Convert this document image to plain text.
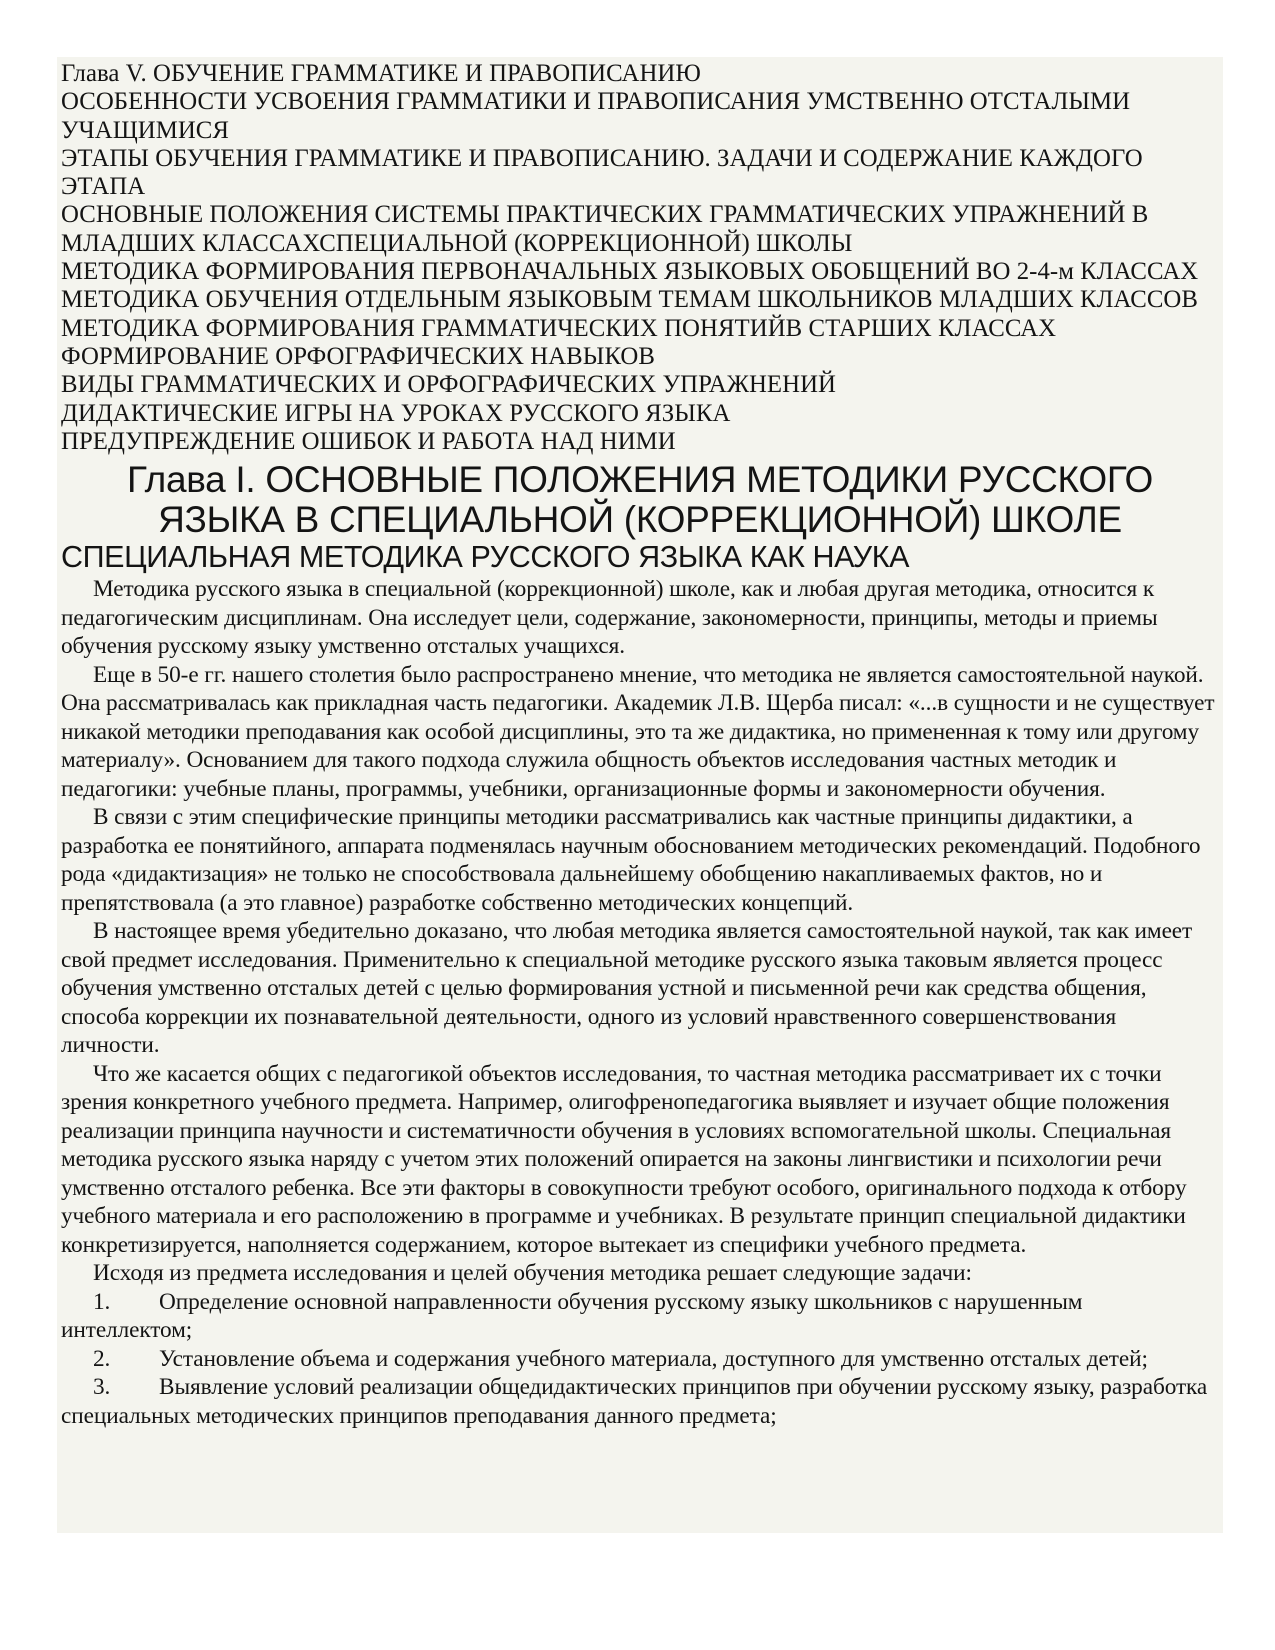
Глава V. ОБУЧЕНИЕ ГРАММАТИКЕ И ПРАВОПИСАНИЮ
ОСОБЕННОСТИ УСВОЕНИЯ ГРАММАТИКИ И ПРАВОПИСАНИЯ УМСТВЕННО ОТСТАЛЫМИ УЧАЩИМИСЯ
ЭТАПЫ ОБУЧЕНИЯ ГРАММАТИКЕ И ПРАВОПИСАНИЮ. ЗАДАЧИ И СОДЕРЖАНИЕ КАЖДОГО ЭТАПА
ОСНОВНЫЕ ПОЛОЖЕНИЯ СИСТЕМЫ ПРАКТИЧЕСКИХ ГРАММАТИЧЕСКИХ УПРАЖНЕНИЙ В МЛАДШИХ КЛАССАХСПЕЦИАЛЬНОЙ (КОРРЕКЦИОННОЙ) ШКОЛЫ
МЕТОДИКА ФОРМИРОВАНИЯ ПЕРВОНАЧАЛЬНЫХ ЯЗЫКОВЫХ ОБОБЩЕНИЙ ВО 2-4-м КЛАССАХ
МЕТОДИКА ОБУЧЕНИЯ ОТДЕЛЬНЫМ ЯЗЫКОВЫМ ТЕМАМ ШКОЛЬНИКОВ МЛАДШИХ КЛАССОВ
МЕТОДИКА ФОРМИРОВАНИЯ ГРАММАТИЧЕСКИХ ПОНЯТИЙВ СТАРШИХ КЛАССАХ
ФОРМИРОВАНИЕ ОРФОГРАФИЧЕСКИХ НАВЫКОВ
ВИДЫ ГРАММАТИЧЕСКИХ И ОРФОГРАФИЧЕСКИХ УПРАЖНЕНИЙ
ДИДАКТИЧЕСКИЕ ИГРЫ НА УРОКАХ РУССКОГО ЯЗЫКА
ПРЕДУПРЕЖДЕНИЕ ОШИБОК И РАБОТА НАД НИМИ
Глава I. ОСНОВНЫЕ ПОЛОЖЕНИЯ МЕТОДИКИ РУССКОГО
ЯЗЫКА В СПЕЦИАЛЬНОЙ (КОРРЕКЦИОННОЙ) ШКОЛЕ
СПЕЦИАЛЬНАЯ МЕТОДИКА РУССКОГО ЯЗЫКА КАК НАУКА

Методика русского языка в специальной (коррекционной) школе, как и любая другая методика, относится к педагогическим дисциплинам. Она исследует цели, содержание, закономерности, принципы, методы и приемы обучения русскому языку умственно отсталых учащихся.

Еще в 50-е гг. нашего столетия было распространено мнение, что методика не является самостоятельной наукой. Она рассматривалась как прикладная часть педагогики. Академик Л.В. Щерба писал: «...в сущности и не существует никакой методики преподавания как особой дисциплины, это та же дидактика, но примененная к тому или другому материалу». Основанием для такого подхода служила общность объектов исследования частных методик и педагогики: учебные планы, программы, учебники, организационные формы и закономерности обучения.

В связи с этим специфические принципы методики рассматривались как частные принципы дидактики, а разработка ее понятийного, аппарата подменялась научным обоснованием методических рекомендаций. Подобного рода «дидактизация» не только не способствовала дальнейшему обобщению накапливаемых фактов, но и препятствовала (а это главное) разработке собственно методических концепций.

В настоящее время убедительно доказано, что любая методика является самостоятельной наукой, так как имеет свой предмет исследования. Применительно к специальной методике русского языка таковым является процесс обучения умственно отсталых детей с целью формирования устной и письменной речи как средства общения, способа коррекции их познавательной деятельности, одного из условий нравственного совершенствования личности.

Что же касается общих с педагогикой объектов исследования, то частная методика рассматривает их с точки зрения конкретного учебного предмета. Например, олигофренопедагогика выявляет и изучает общие положения реализации принципа научности и систематичности обучения в условиях вспомогательной школы. Специальная методика русского языка наряду с учетом этих положений опирается на законы лингвистики и психологии речи умственно отсталого ребенка. Все эти факторы в совокупности требуют особого, оригинального подхода к отбору учебного материала и его расположению в программе и учебниках. В результате принцип специальной дидактики конкретизируется, наполняется содержанием, которое вытекает из специфики учебного предмета.

Исходя из предмета исследования и целей обучения методика решает следующие задачи:

1. Определение основной направленности обучения русскому языку школьников с нарушенным интеллектом;

2. Установление объема и содержания учебного материала, доступного для умственно отсталых детей;

3. Выявление условий реализации общедидактических принципов при обучении русскому языку, разработка специальных методических принципов преподавания данного предмета;
